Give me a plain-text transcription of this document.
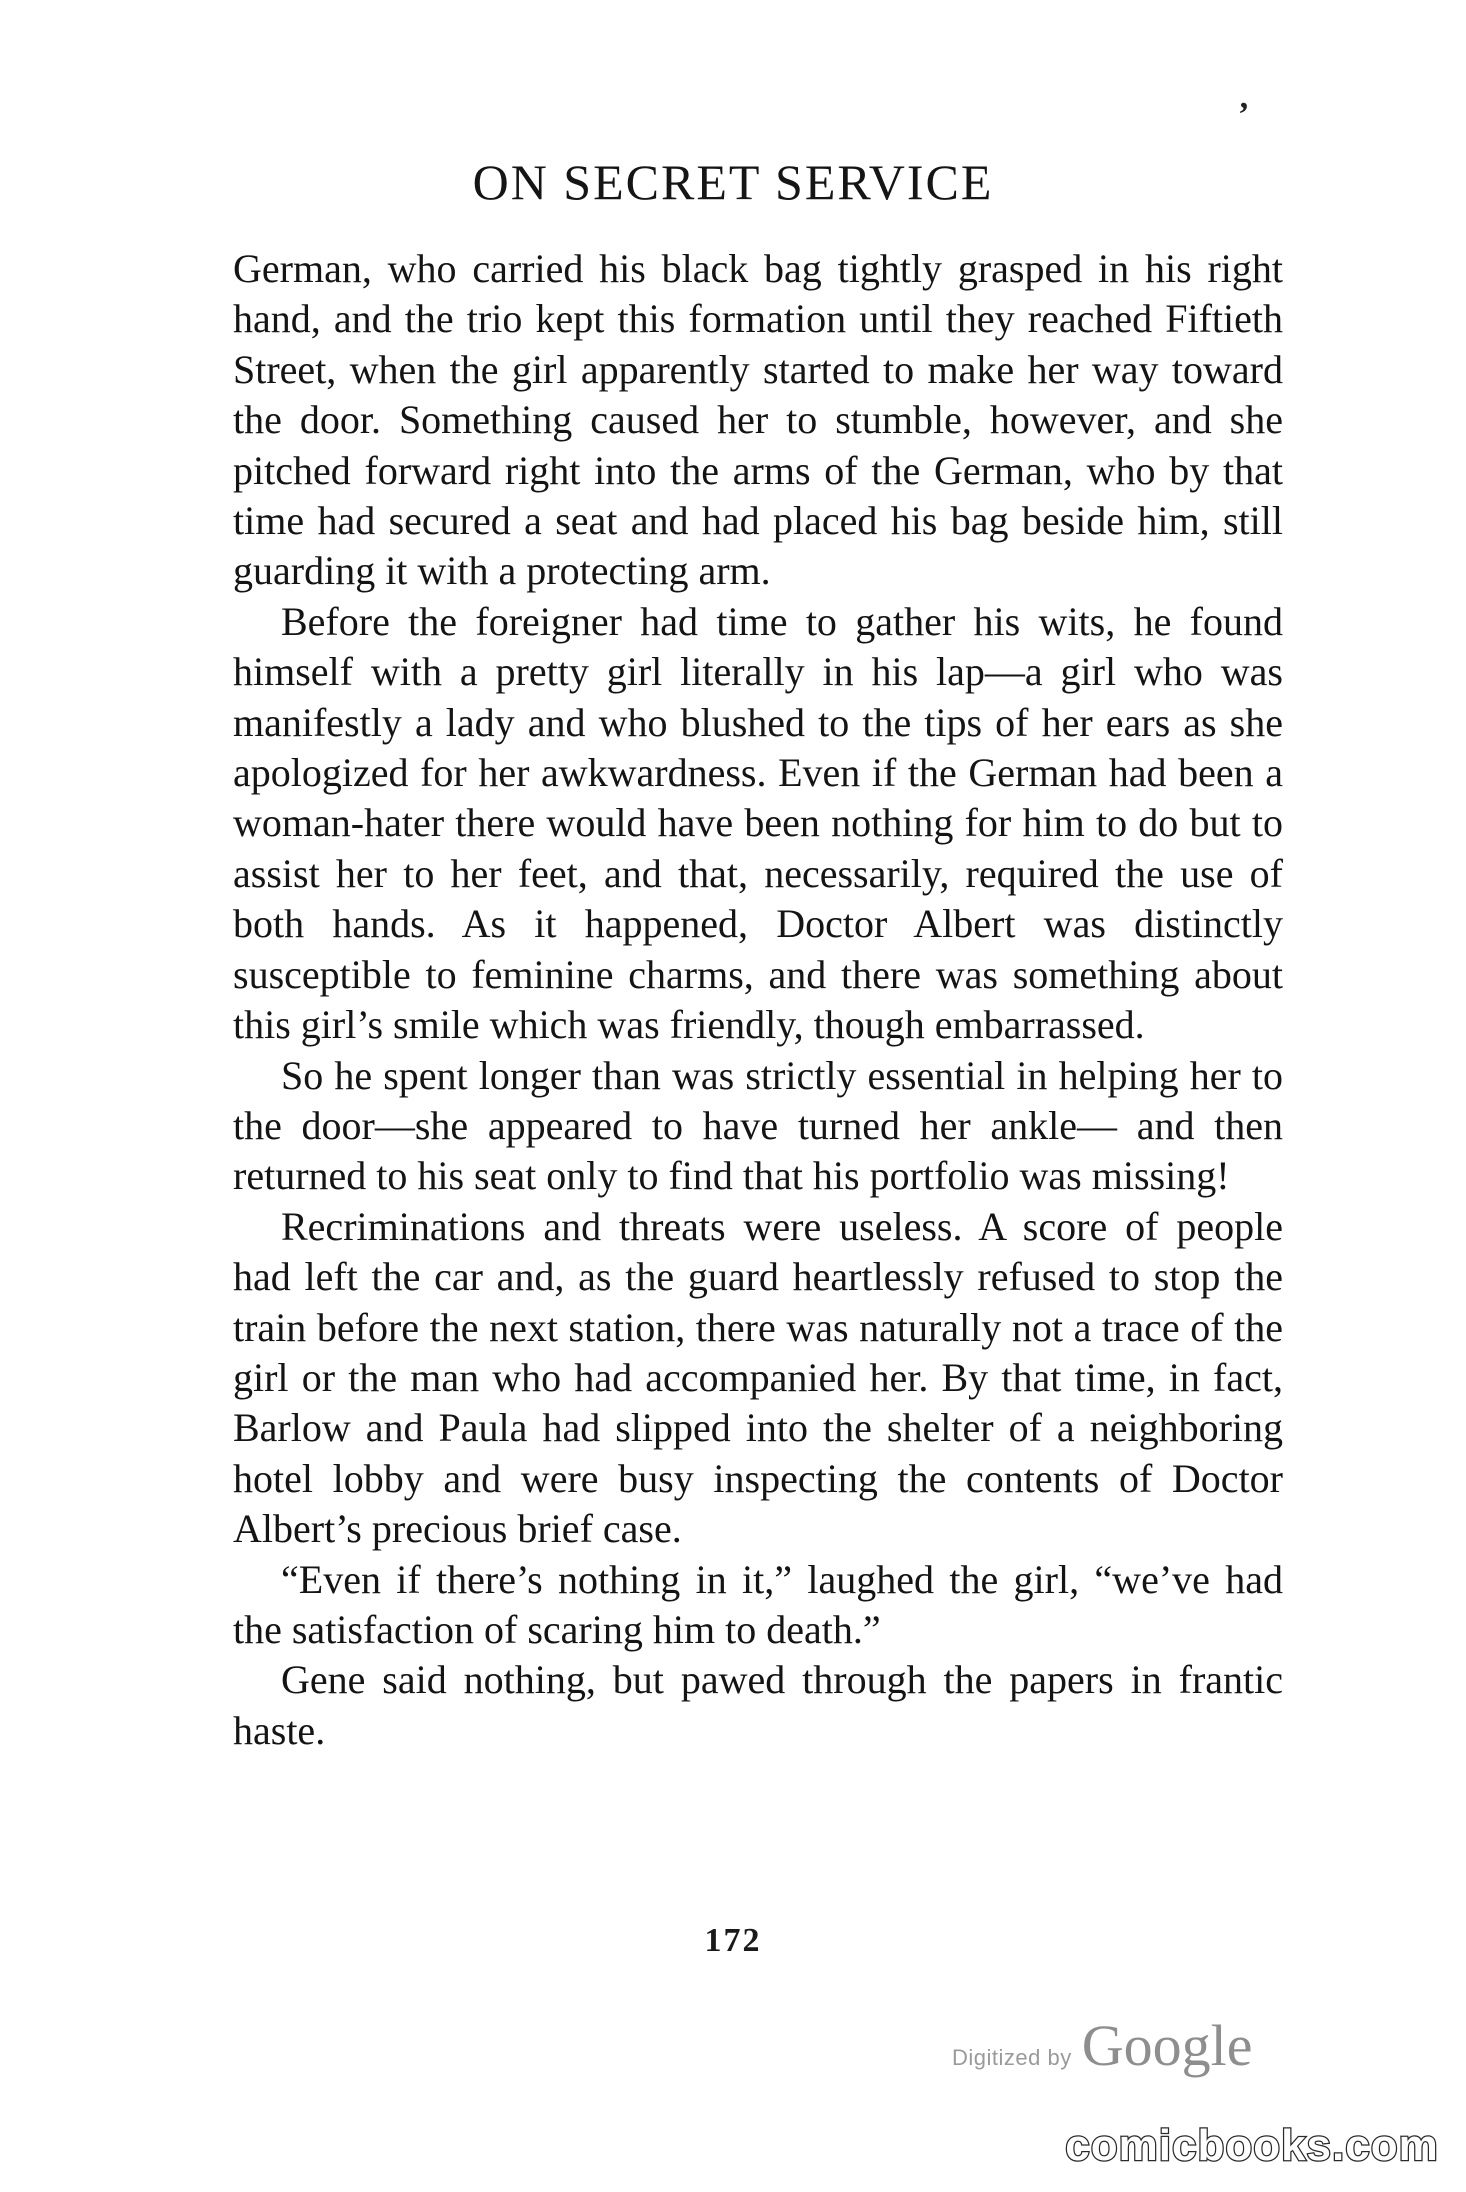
’
ON SECRET SERVICE

German, who carried his black bag tightly grasped in his right hand, and the trio kept this formation until they reached Fiftieth Street, when the girl apparently started to make her way toward the door. Something caused her to stumble, however, and she pitched forward right into the arms of the German, who by that time had secured a seat and had placed his bag beside him, still guarding it with a protecting arm.

Before the foreigner had time to gather his wits, he found himself with a pretty girl literally in his lap—a girl who was manifestly a lady and who blushed to the tips of her ears as she apologized for her awkwardness. Even if the German had been a woman-hater there would have been nothing for him to do but to assist her to her feet, and that, necessarily, required the use of both hands. As it happened, Doctor Albert was distinctly susceptible to feminine charms, and there was something about this girl’s smile which was friendly, though embarrassed.

So he spent longer than was strictly essential in helping her to the door—she appeared to have turned her ankle— and then returned to his seat only to find that his portfolio was missing!

Recriminations and threats were useless. A score of people had left the car and, as the guard heartlessly refused to stop the train before the next station, there was naturally not a trace of the girl or the man who had accompanied her. By that time, in fact, Barlow and Paula had slipped into the shelter of a neighboring hotel lobby and were busy inspecting the contents of Doctor Albert’s precious brief case.

“Even if there’s nothing in it,” laughed the girl, “we’ve had the satisfaction of scaring him to death.”

Gene said nothing, but pawed through the papers in frantic haste.

172
Digitized by Google
comicbooks.com
